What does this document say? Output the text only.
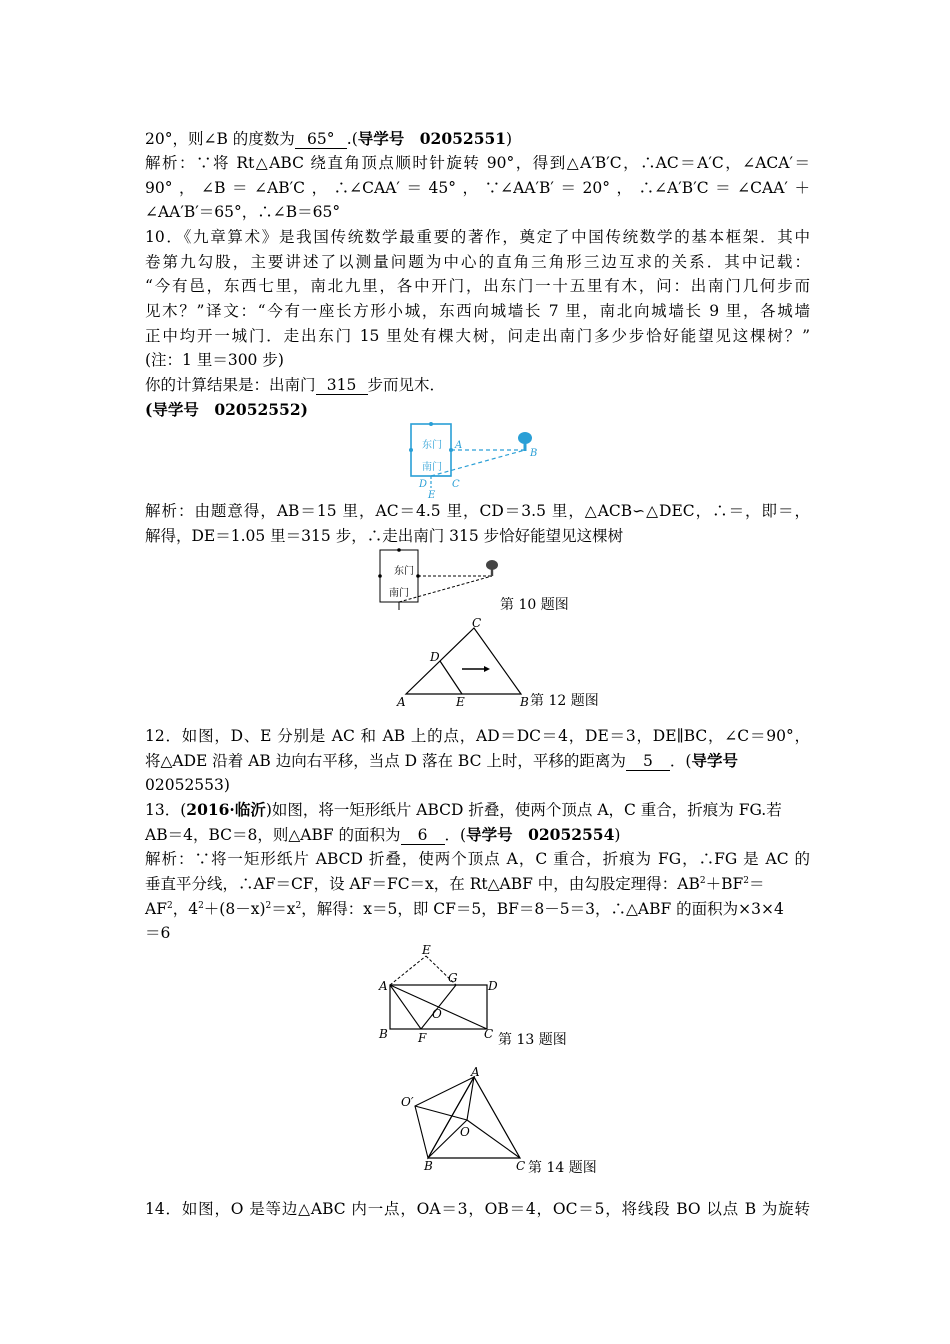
20°，则∠B 的度数为 65° .(导学号　02052551)
解析：∵将 Rt△ABC 绕直角顶点顺时针旋转 90°，得到△A′B′C，∴AC＝A′C，∠ACA′＝
90°，∠B＝∠AB′C，∴∠CAA′＝45°，∵∠AA′B′＝20°，∴∠A′B′C＝∠CAA′＋
∠AA′B′＝65°，∴∠B＝65°
10．《九章算术》是我国传统数学最重要的著作，奠定了中国传统数学的基本框架．其中
卷第九勾股，主要讲述了以测量问题为中心的直角三角形三边互求的关系．其中记载：
“今有邑，东西七里，南北九里，各中开门，出东门一十五里有木，问：出南门几何步而
见木？”译文：“今有一座长方形小城，东西向城墙长 7 里，南北向城墙长 9 里，各城墙
正中均开一城门．走出东门 15 里处有棵大树，问走出南门多少步恰好能望见这棵树？”
(注：1 里＝300 步)
你的计算结果是：出南门 315 步而见木．
(导学号　02052552)
东门
南门
A
B
C
D
E
解析：由题意得，AB＝15 里，AC＝4.5 里，CD＝3.5 里，△ACB∽△DEC，∴＝，即＝，
解得，DE＝1.05 里＝315 步，∴走出南门 315 步恰好能望见这棵树
东门
南门
第 10 题图
A	B
C
D
E	第 12 题图
12．如图，D、E 分别是 AC 和 AB 上的点，AD＝DC＝4，DE＝3，DE∥BC，∠C＝90°，
将△ADE 沿着 AB 边向右平移，当点 D 落在 BC 上时，平移的距离为 5 ．(导学号
02052553)
13．(2016·临沂)如图，将一矩形纸片 ABCD 折叠，使两个顶点 A，C 重合，折痕为 FG.若
AB＝4，BC＝8，则△ABF 的面积为 6 ．(导学号　02052554)
解析：∵将一矩形纸片 ABCD 折叠，使两个顶点 A，C 重合，折痕为 FG，∴FG 是 AC 的
垂直平分线，∴AF＝CF，设 AF＝FC＝x，在 Rt△ABF 中，由勾股定理得：$AB^2+BF^2=$
$AF^2$，$4^2+(8-x)^2=x^2$，解得：x＝5，即 CF＝5，BF＝8－5＝3，∴△ABF 的面积为×3×4
＝6
A
B	C
D
E
F
G
O
第 13 题图
A
B	C
O
O′
第 14 题图
14．如图，O 是等边△ABC 内一点，OA＝3，OB＝4，OC＝5，将线段 BO 以点 B 为旋转
